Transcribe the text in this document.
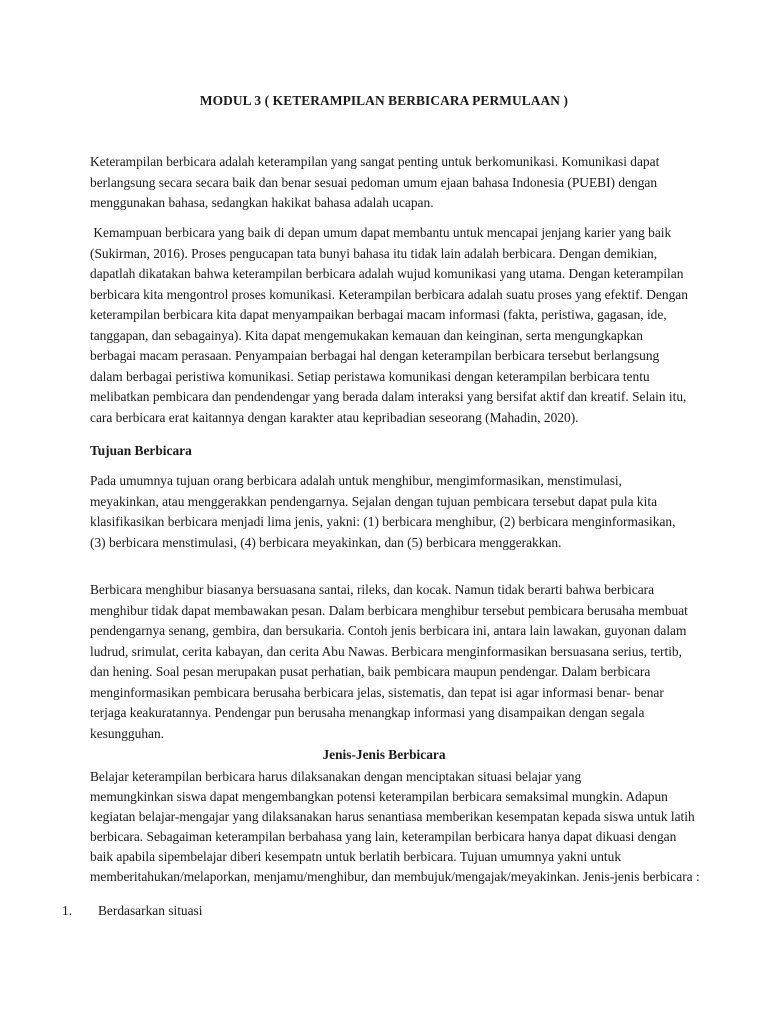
MODUL 3 ( KETERAMPILAN BERBICARA PERMULAAN )

Keterampilan berbicara adalah keterampilan yang sangat penting untuk berkomunikasi. Komunikasi dapat berlangsung secara secara baik dan benar sesuai pedoman umum ejaan bahasa Indonesia (PUEBI) dengan menggunakan bahasa, sedangkan hakikat bahasa adalah ucapan.

Kemampuan berbicara yang baik di depan umum dapat membantu untuk mencapai jenjang karier yang baik (Sukirman, 2016). Proses pengucapan tata bunyi bahasa itu tidak lain adalah berbicara. Dengan demikian, dapatlah dikatakan bahwa keterampilan berbicara adalah wujud komunikasi yang utama. Dengan keterampilan berbicara kita mengontrol proses komunikasi. Keterampilan berbicara adalah suatu proses yang efektif. Dengan keterampilan berbicara kita dapat menyampaikan berbagai macam informasi (fakta, peristiwa, gagasan, ide, tanggapan, dan sebagainya). Kita dapat mengemukakan kemauan dan keinginan, serta mengungkapkan berbagai macam perasaan. Penyampaian berbagai hal dengan keterampilan berbicara tersebut berlangsung dalam berbagai peristiwa komunikasi. Setiap peristawa komunikasi dengan keterampilan berbicara tentu melibatkan pembicara dan pendendengar yang berada dalam interaksi yang bersifat aktif dan kreatif. Selain itu, cara berbicara erat kaitannya dengan karakter atau kepribadian seseorang (Mahadin, 2020).

Tujuan Berbicara

Pada umumnya tujuan orang berbicara adalah untuk menghibur, mengimformasikan, menstimulasi, meyakinkan, atau menggerakkan pendengarnya. Sejalan dengan tujuan pembicara tersebut dapat pula kita klasifikasikan berbicara menjadi lima jenis, yakni: (1) berbicara menghibur, (2) berbicara menginformasikan, (3) berbicara menstimulasi, (4) berbicara meyakinkan, dan (5) berbicara menggerakkan.

Berbicara menghibur biasanya bersuasana santai, rileks, dan kocak. Namun tidak berarti bahwa berbicara menghibur tidak dapat membawakan pesan. Dalam berbicara menghibur tersebut pembicara berusaha membuat pendengarnya senang, gembira, dan bersukaria. Contoh jenis berbicara ini, antara lain lawakan, guyonan dalam ludrud, srimulat, cerita kabayan, dan cerita Abu Nawas. Berbicara menginformasikan bersuasana serius, tertib, dan hening. Soal pesan merupakan pusat perhatian, baik pembicara maupun pendengar. Dalam berbicara menginformasikan pembicara berusaha berbicara jelas, sistematis, dan tepat isi agar informasi benar- benar terjaga keakuratannya. Pendengar pun berusaha menangkap informasi yang disampaikan dengan segala kesungguhan.

Jenis-Jenis Berbicara
Belajar keterampilan berbicara harus dilaksanakan dengan menciptakan situasi belajar yang
memungkinkan siswa dapat mengembangkan potensi keterampilan berbicara semaksimal mungkin. Adapun kegiatan belajar-mengajar yang dilaksanakan harus senantiasa memberikan kesempatan kepada siswa untuk latih berbicara. Sebagaiman keterampilan berbahasa yang lain, keterampilan berbicara hanya dapat dikuasi dengan baik apabila sipembelajar diberi kesempatn untuk berlatih berbicara. Tujuan umumnya yakni untuk memberitahukan/melaporkan, menjamu/menghibur, dan membujuk/mengajak/meyakinkan. Jenis-jenis berbicara :
1.	Berdasarkan situasi
